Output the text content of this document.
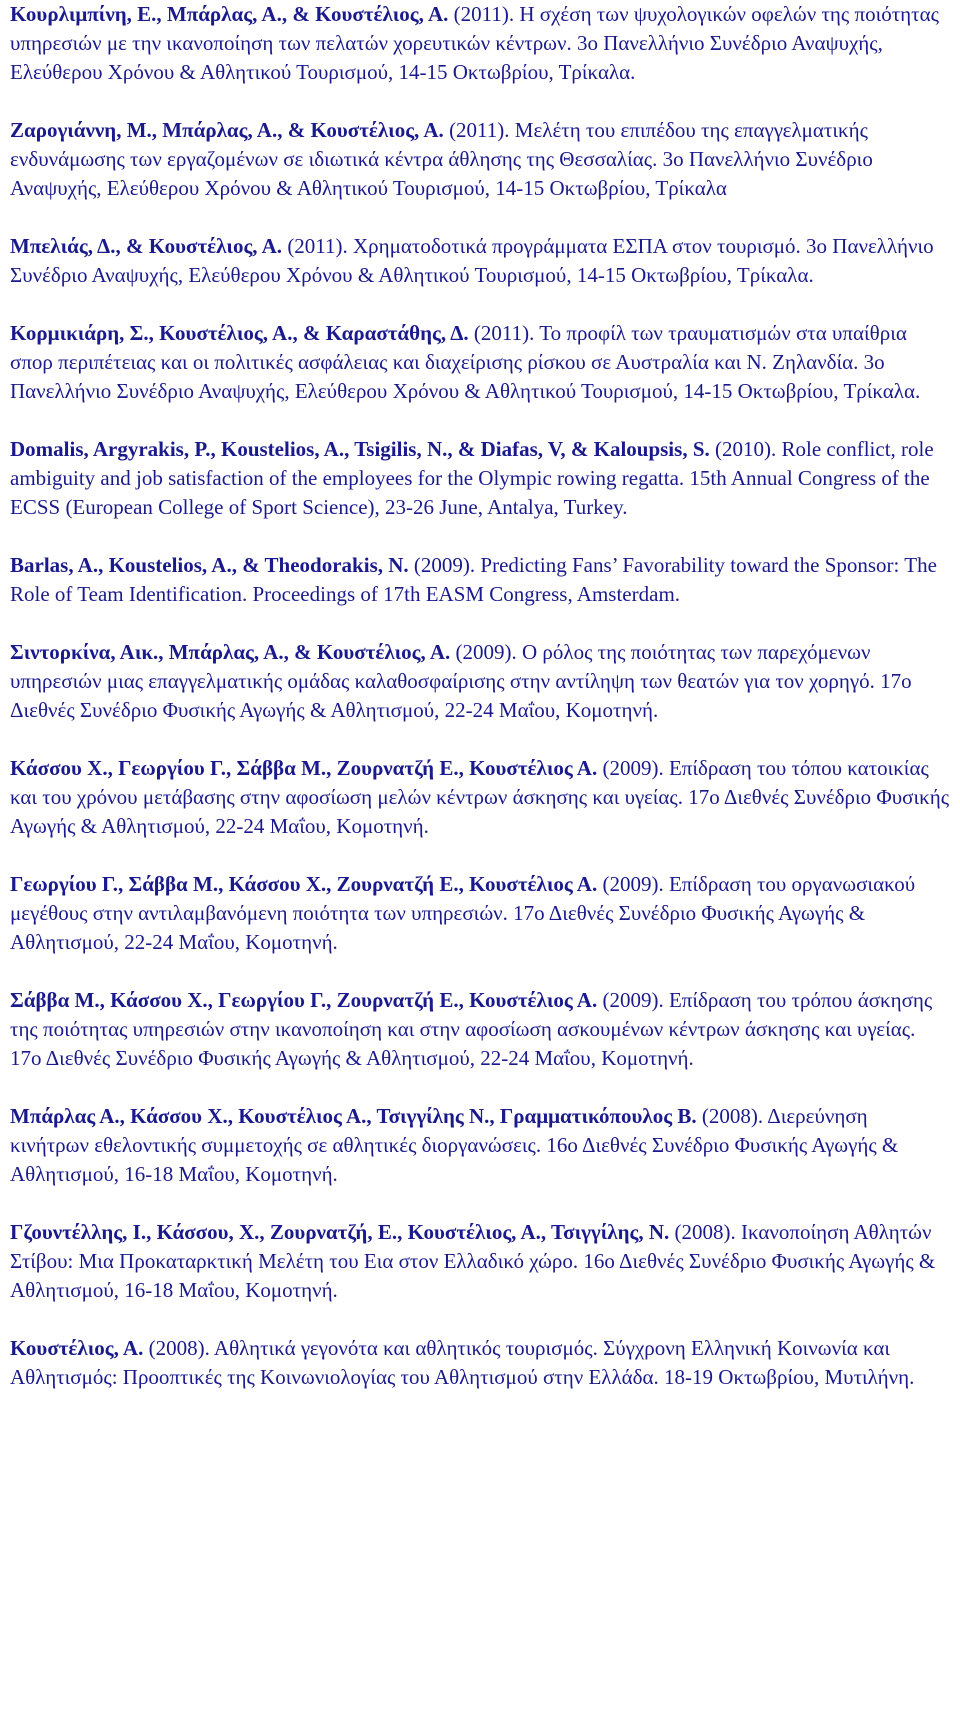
Κουρλιμπίνη, Ε., Μπάρλας, Α., & Κουστέλιος, Α. (2011). Η σχέση των ψυχολογικών οφελών της ποιότητας υπηρεσιών με την ικανοποίηση των πελατών χορευτικών κέντρων. 3ο Πανελλήνιο Συνέδριο Αναψυχής, Ελεύθερου Χρόνου & Αθλητικού Τουρισμού, 14-15 Οκτωβρίου, Τρίκαλα.

Ζαρογιάννη, Μ., Μπάρλας, Α., & Κουστέλιος, Α. (2011). Μελέτη του επιπέδου της επαγγελματικής ενδυνάμωσης των εργαζομένων σε ιδιωτικά κέντρα άθλησης της Θεσσαλίας. 3ο Πανελλήνιο Συνέδριο Αναψυχής, Ελεύθερου Χρόνου & Αθλητικού Τουρισμού, 14-15 Οκτωβρίου, Τρίκαλα

Μπελιάς, Δ., & Κουστέλιος, Α. (2011). Χρηματοδοτικά προγράμματα ΕΣΠΑ στον τουρισμό. 3ο Πανελλήνιο Συνέδριο Αναψυχής, Ελεύθερου Χρόνου & Αθλητικού Τουρισμού, 14-15 Οκτωβρίου, Τρίκαλα.

Κορμικιάρη, Σ., Κουστέλιος, Α., & Καραστάθης, Δ. (2011). Το προφίλ των τραυματισμών στα υπαίθρια σπορ περιπέτειας και οι πολιτικές ασφάλειας και διαχείρισης ρίσκου σε Αυστραλία και Ν. Ζηλανδία. 3ο Πανελλήνιο Συνέδριο Αναψυχής, Ελεύθερου Χρόνου & Αθλητικού Τουρισμού, 14-15 Οκτωβρίου, Τρίκαλα.

Domalis, Argyrakis, P., Koustelios, A., Tsigilis, N., & Diafas, V, & Kaloupsis, S. (2010). Role conflict, role ambiguity and job satisfaction of the employees for the Olympic rowing regatta. 15th Annual Congress of the ECSS (European College of Sport Science), 23-26 June, Antalya, Turkey.

Barlas, A., Koustelios, A., & Theodorakis, N. (2009). Predicting Fans’ Favorability toward the Sponsor: The Role of Team Identification. Proceedings of 17th EASM Congress, Amsterdam.

Σιντορκίνα, Αικ., Μπάρλας, Α., & Κουστέλιος, Α. (2009). Ο ρόλος της ποιότητας των παρεχόμενων υπηρεσιών μιας επαγγελματικής ομάδας καλαθοσφαίρισης στην αντίληψη των θεατών για τον χορηγό. 17ο Διεθνές Συνέδριο Φυσικής Αγωγής & Αθλητισμού, 22-24 Μαΐου, Κομοτηνή.

Κάσσου Χ., Γεωργίου Γ., Σάββα Μ., Ζουρνατζή Ε., Κουστέλιος Α. (2009). Επίδραση του τόπου κατοικίας και του χρόνου μετάβασης στην αφοσίωση μελών κέντρων άσκησης και υγείας. 17ο Διεθνές Συνέδριο Φυσικής Αγωγής & Αθλητισμού, 22-24 Μαΐου, Κομοτηνή.

Γεωργίου Γ., Σάββα Μ., Κάσσου Χ., Ζουρνατζή Ε., Κουστέλιος Α. (2009). Επίδραση του οργανωσιακού μεγέθους στην αντιλαμβανόμενη ποιότητα των υπηρεσιών. 17ο Διεθνές Συνέδριο Φυσικής Αγωγής & Αθλητισμού, 22-24 Μαΐου, Κομοτηνή.

Σάββα Μ., Κάσσου Χ., Γεωργίου Γ., Ζουρνατζή Ε., Κουστέλιος Α. (2009). Επίδραση του τρόπου άσκησης της ποιότητας υπηρεσιών στην ικανοποίηση και στην αφοσίωση ασκουμένων κέντρων άσκησης και υγείας. 17ο Διεθνές Συνέδριο Φυσικής Αγωγής & Αθλητισμού, 22-24 Μαΐου, Κομοτηνή.

Μπάρλας Α., Κάσσου Χ., Κουστέλιος Α., Τσιγγίλης Ν., Γραμματικόπουλος Β. (2008). Διερεύνηση κινήτρων εθελοντικής συμμετοχής σε αθλητικές διοργανώσεις. 16ο Διεθνές Συνέδριο Φυσικής Αγωγής & Αθλητισμού, 16-18 Μαΐου, Κομοτηνή.

Γζουντέλλης, Ι., Κάσσου, Χ., Ζουρνατζή, Ε., Κουστέλιος, Α., Τσιγγίλης, Ν. (2008). Ικανοποίηση Αθλητών Στίβου: Μια Προκαταρκτική Μελέτη του Εια στον Ελλαδικό χώρο. 16ο Διεθνές Συνέδριο Φυσικής Αγωγής & Αθλητισμού, 16-18 Μαΐου, Κομοτηνή.

Κουστέλιος, Α. (2008). Αθλητικά γεγονότα και αθλητικός τουρισμός. Σύγχρονη Ελληνική Κοινωνία και Αθλητισμός: Προοπτικές της Κοινωνιολογίας του Αθλητισμού στην Ελλάδα. 18-19 Οκτωβρίου, Μυτιλήνη.
